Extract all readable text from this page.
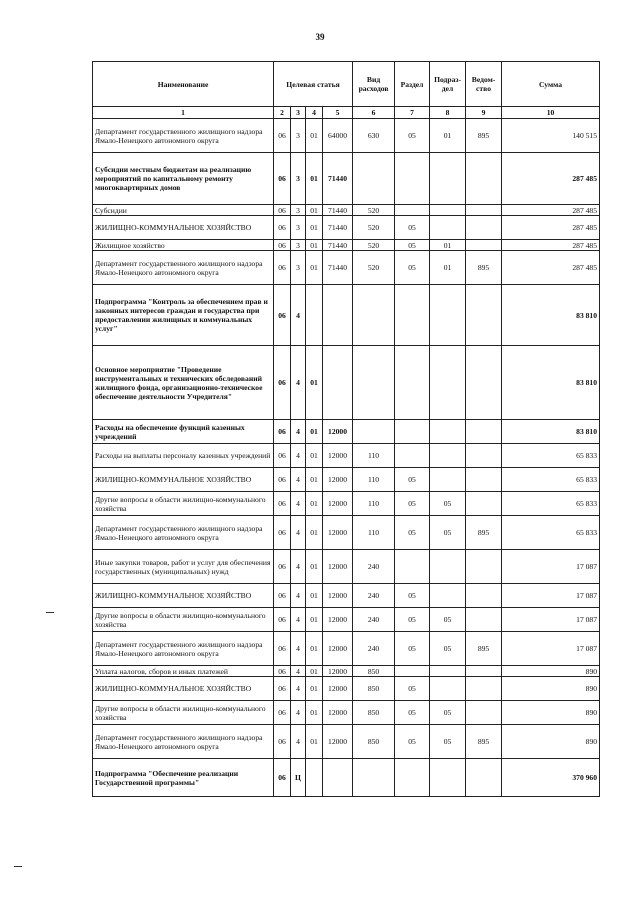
39
Наименование	Целевая статья				Вид расходов	Раздел	Подраз- дел	Ведом- ство	Сумма
1	2	3	4	5	6	7	8	9	10
Департамент государственного жилищного надзора Ямало-Ненецкого автономного округа	06	3	01	64000	630	05	01	895	140 515
Субсидии местным бюджетам на реализацию мероприятий по капитальному ремонту многоквартирных домов	06	3	01	71440					287 485
Субсидии	06	3	01	71440	520				287 485
ЖИЛИЩНО-КОММУНАЛЬНОЕ ХОЗЯЙСТВО	06	3	01	71440	520	05			287 485
Жилищное хозяйство	06	3	01	71440	520	05	01		287 485
Департамент государственного жилищного надзора Ямало-Ненецкого автономного округа	06	3	01	71440	520	05	01	895	287 485
Подпрограмма "Контроль за обеспечением прав и законных интересов граждан и государства при предоставлении жилищных и коммунальных услуг"	06	4							83 810
Основное мероприятие "Проведение инструментальных и технических обследований жилищного фонда, организационно-техническое обеспечение деятельности Учредителя"	06	4	01						83 810
Расходы на обеспечение функций казенных учреждений	06	4	01	12000					83 810
Расходы на выплаты персоналу казенных учреждений	06	4	01	12000	110				65 833
ЖИЛИЩНО-КОММУНАЛЬНОЕ ХОЗЯЙСТВО	06	4	01	12000	110	05			65 833
Другие вопросы в области жилищно-коммунального хозяйства	06	4	01	12000	110	05	05		65 833
Департамент государственного жилищного надзора Ямало-Ненецкого автономного округа	06	4	01	12000	110	05	05	895	65 833
Иные закупки товаров, работ и услуг для обеспечения государственных (муниципальных) нужд	06	4	01	12000	240				17 087
ЖИЛИЩНО-КОММУНАЛЬНОЕ ХОЗЯЙСТВО	06	4	01	12000	240	05			17 087
Другие вопросы в области жилищно-коммунального хозяйства	06	4	01	12000	240	05	05		17 087
Департамент государственного жилищного надзора Ямало-Ненецкого автономного округа	06	4	01	12000	240	05	05	895	17 087
Уплата налогов, сборов и иных платежей	06	4	01	12000	850				890
ЖИЛИЩНО-КОММУНАЛЬНОЕ ХОЗЯЙСТВО	06	4	01	12000	850	05			890
Другие вопросы в области жилищно-коммунального хозяйства	06	4	01	12000	850	05	05		890
Департамент государственного жилищного надзора Ямало-Ненецкого автономного округа	06	4	01	12000	850	05	05	895	890
Подпрограмма "Обеспечение реализации Государственной программы"	06	Ц							370 960
